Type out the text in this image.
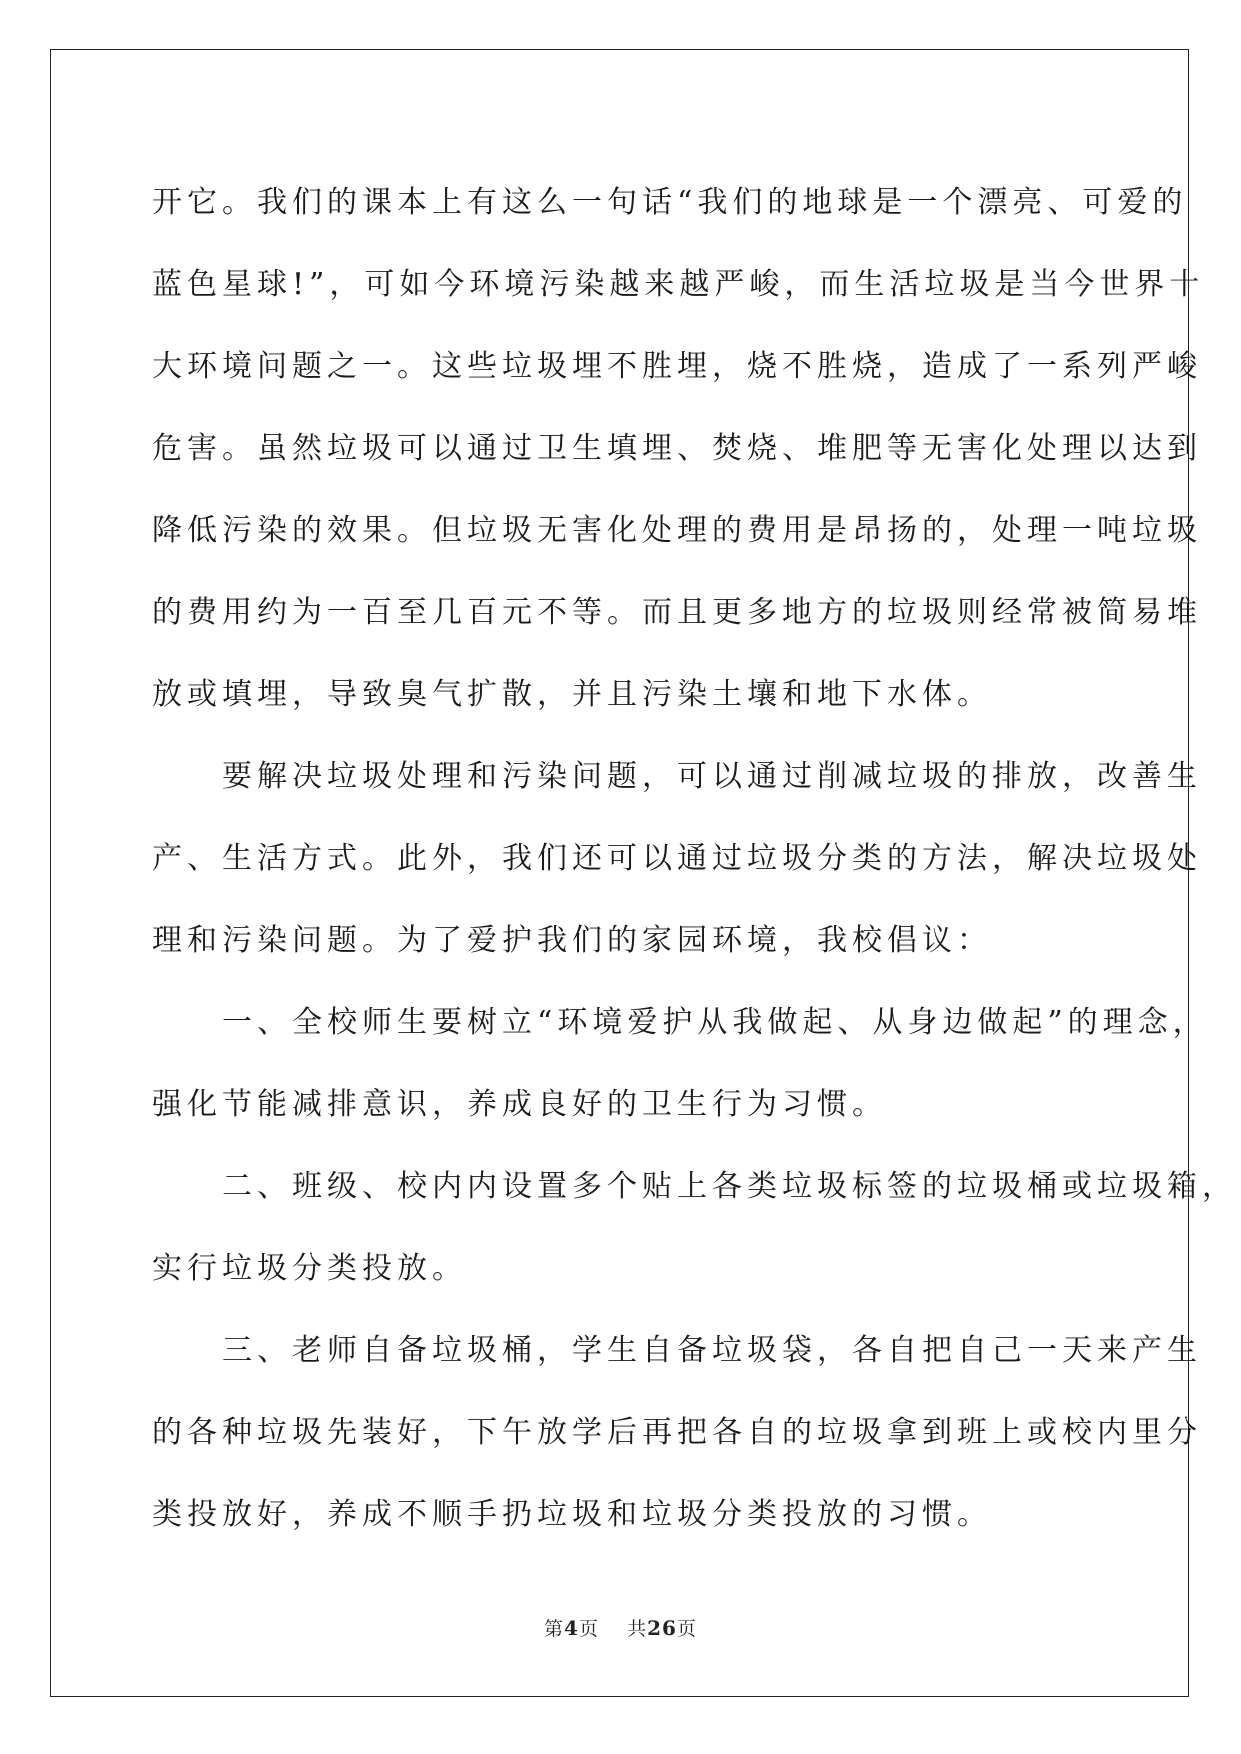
开它。我们的课本上有这么一句话“我们的地球是一个漂亮、可爱的
蓝色星球!”，可如今环境污染越来越严峻，而生活垃圾是当今世界十
大环境问题之一。这些垃圾埋不胜埋，烧不胜烧，造成了一系列严峻
危害。虽然垃圾可以通过卫生填埋、焚烧、堆肥等无害化处理以达到
降低污染的效果。但垃圾无害化处理的费用是昂扬的，处理一吨垃圾
的费用约为一百至几百元不等。而且更多地方的垃圾则经常被简易堆
放或填埋，导致臭气扩散，并且污染土壤和地下水体。
要解决垃圾处理和污染问题，可以通过削减垃圾的排放，改善生
产、生活方式。此外，我们还可以通过垃圾分类的方法，解决垃圾处
理和污染问题。为了爱护我们的家园环境，我校倡议：
一、全校师生要树立“环境爱护从我做起、从身边做起”的理念，
强化节能减排意识，养成良好的卫生行为习惯。
二、班级、校内内设置多个贴上各类垃圾标签的垃圾桶或垃圾箱，
实行垃圾分类投放。
三、老师自备垃圾桶，学生自备垃圾袋，各自把自己一天来产生
的各种垃圾先装好，下午放学后再把各自的垃圾拿到班上或校内里分
类投放好，养成不顺手扔垃圾和垃圾分类投放的习惯。
第4页 共26页
